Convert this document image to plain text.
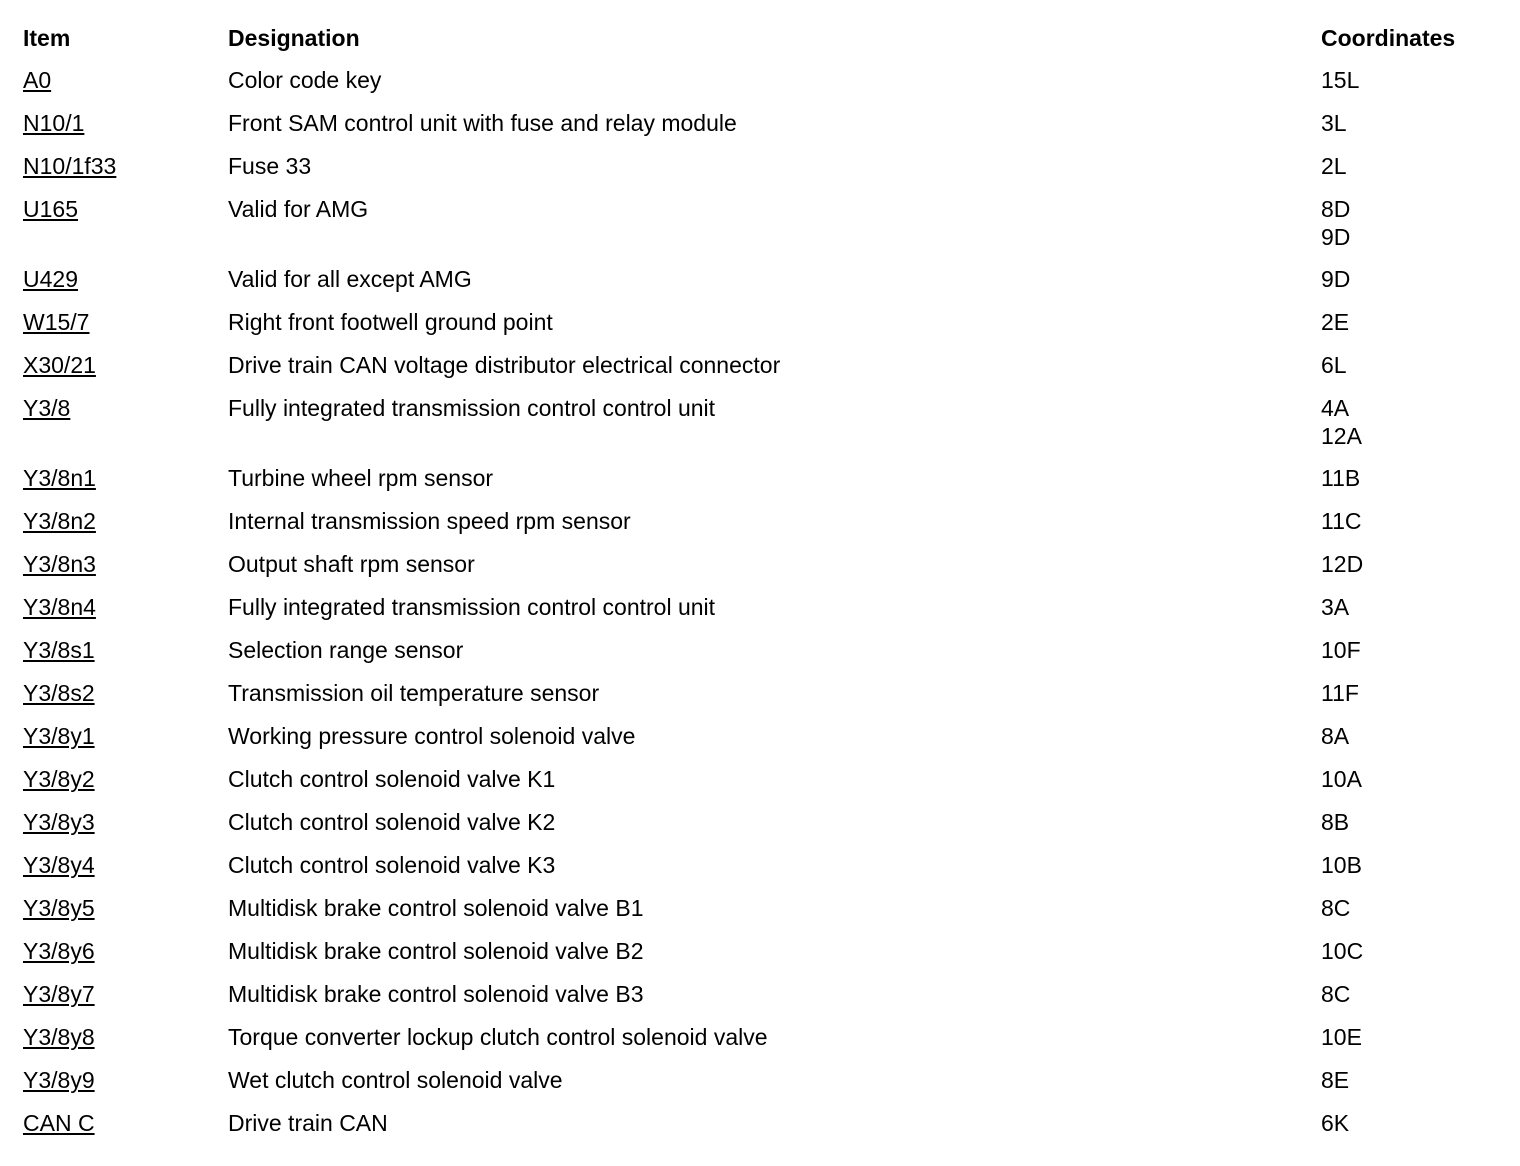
Item	Designation	Coordinates
A0	Color code key	15L
N10/1	Front SAM control unit with fuse and relay module	3L
N10/1f33	Fuse 33	2L
U165	Valid for AMG	8D
9D
U429	Valid for all except AMG	9D
W15/7	Right front footwell ground point	2E
X30/21	Drive train CAN voltage distributor electrical connector	6L
Y3/8	Fully integrated transmission control control unit	4A
12A
Y3/8n1	Turbine wheel rpm sensor	11B
Y3/8n2	Internal transmission speed rpm sensor	11C
Y3/8n3	Output shaft rpm sensor	12D
Y3/8n4	Fully integrated transmission control control unit	3A
Y3/8s1	Selection range sensor	10F
Y3/8s2	Transmission oil temperature sensor	11F
Y3/8y1	Working pressure control solenoid valve	8A
Y3/8y2	Clutch control solenoid valve K1	10A
Y3/8y3	Clutch control solenoid valve K2	8B
Y3/8y4	Clutch control solenoid valve K3	10B
Y3/8y5	Multidisk brake control solenoid valve B1	8C
Y3/8y6	Multidisk brake control solenoid valve B2	10C
Y3/8y7	Multidisk brake control solenoid valve B3	8C
Y3/8y8	Torque converter lockup clutch control solenoid valve	10E
Y3/8y9	Wet clutch control solenoid valve	8E
CAN C	Drive train CAN	6K
